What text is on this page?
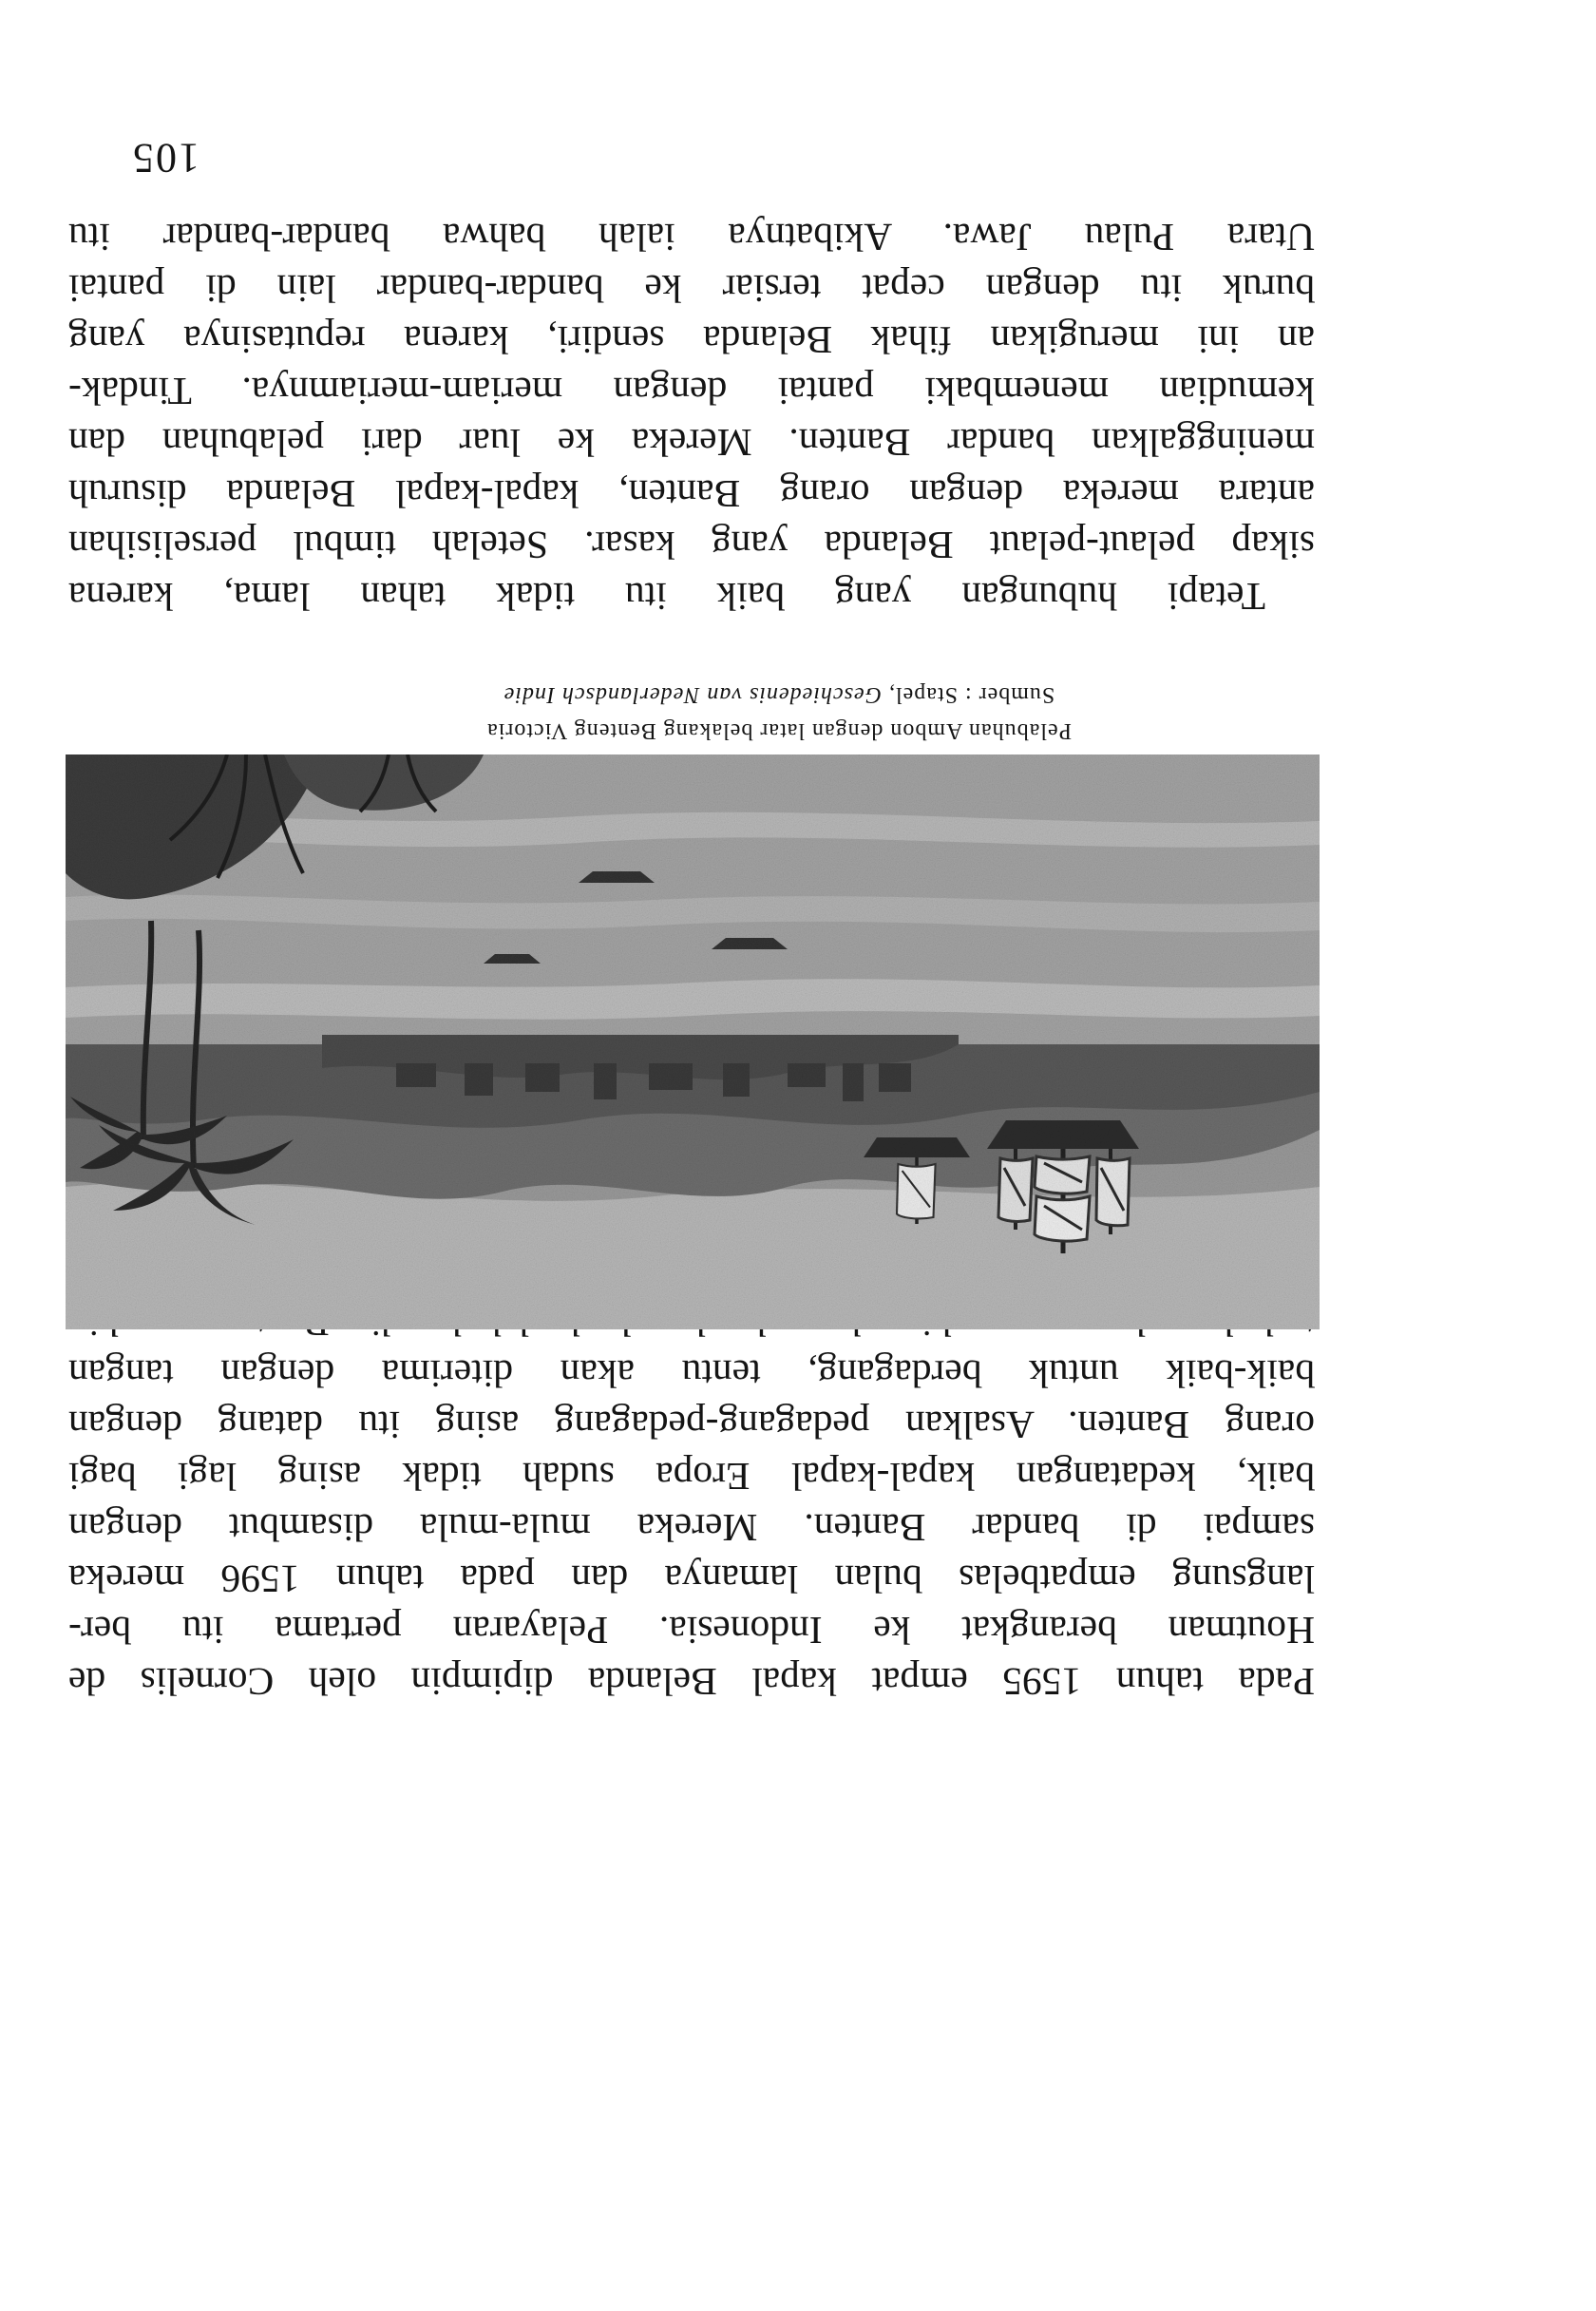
Pada tahun 1595 empat kapal Belanda dipimpin oleh Cornelis de
Houtman berangkat ke Indonesia. Pelayaran pertama itu ber-
langsung empatbelas bulan lamanya dan pada tahun 1596 mereka
sampai di bandar Banten. Mereka mula-mula disambut dengan
baik, kedatangan kapal-kapal Eropa sudah tidak asing lagi bagi
orang Banten. Asalkan pedagang-pedagang asing itu datang dengan
baik-baik untuk berdagang, tentu akan diterima dengan tangan
Pelabuhan Ambon dengan latar belakang Benteng Victoria
Sumber : Stapel, Geschiedenis van Nederlandsch Indie
Tetapi hubungan yang baik itu tidak tahan lama, karena
sikap pelaut-pelaut Belanda yang kasar. Setelah timbul perselisihan
antara mereka dengan orang Banten, kapal-kapal Belanda disuruh
meninggalkan bandar Banten. Mereka ke luar dari pelabuhan dan
kemudian menembaki pantai dengan meriam-meriamnya. Tindak-
an ini merugikan fihak Belanda sendiri, karena reputasinya yang
buruk itu dengan cepat tersiar ke bandar-bandar lain di pantai
Utara Pulau Jawa. Akibatnya ialah bahwa bandar-bandar itu
105
